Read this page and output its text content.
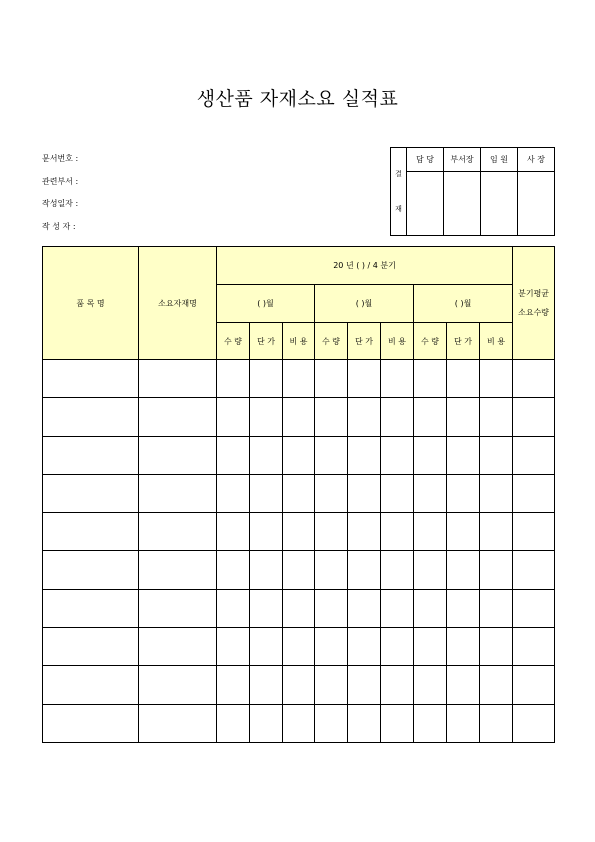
생산품 자재소요 실적표
문서번호 :
관련부서 :
작성일자 :
작 성 자 :
결
재	담 당	부서장	임 원	사 장

품 목 명	소요자재명	20 년 ( ) / 4 분기									분기평균
소요수량

		( )월			( )월			( )월			
		수 량	단 가	비 용	수 량	단 가	비 용	수 량	단 가	비 용	
